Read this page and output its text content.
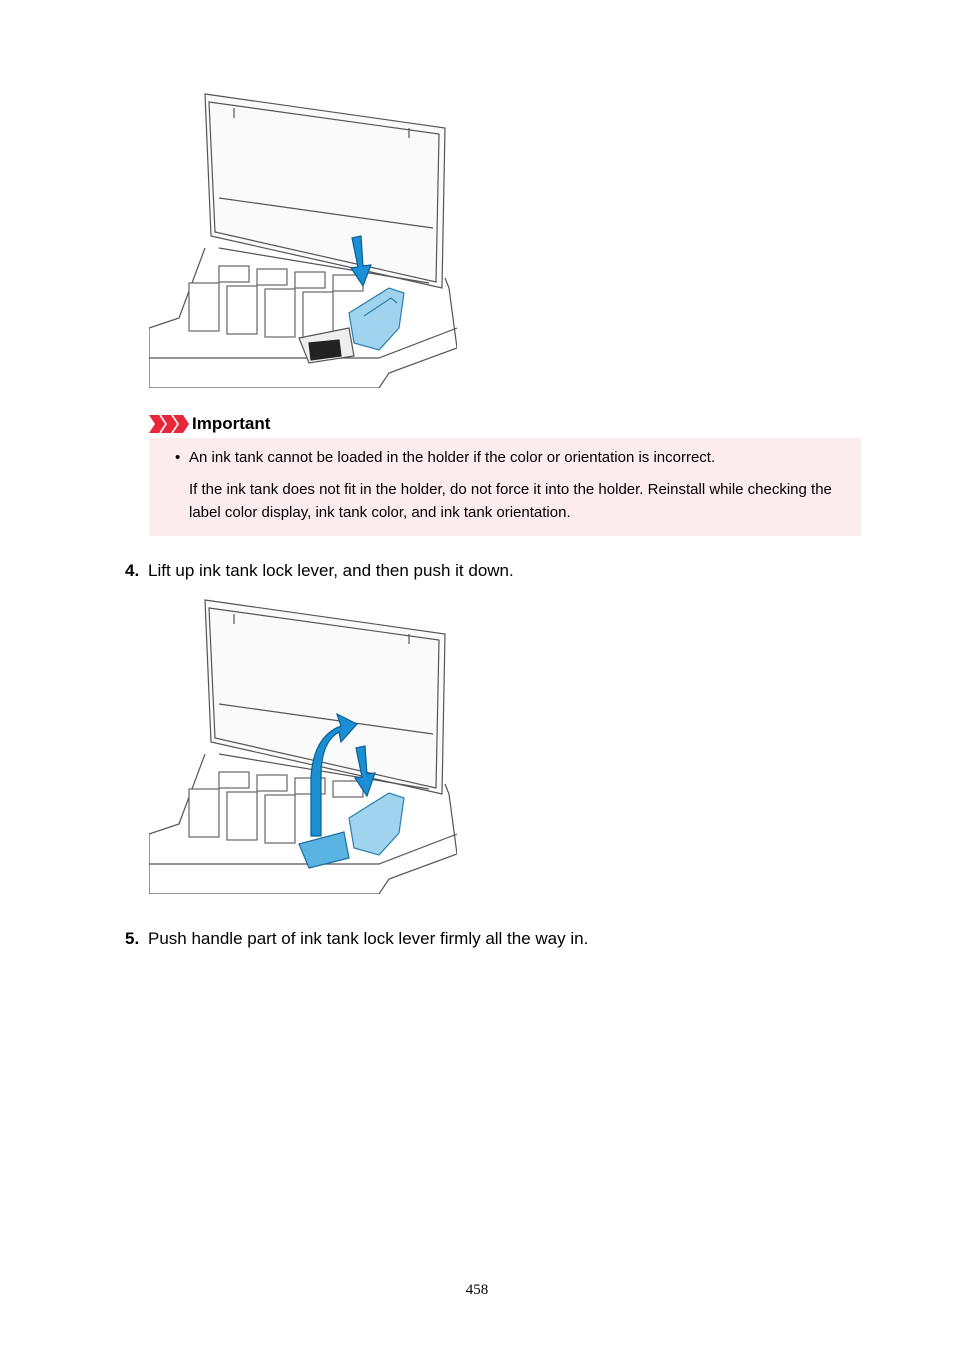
Important
• An ink tank cannot be loaded in the holder if the color or orientation is incorrect.

If the ink tank does not fit in the holder, do not force it into the holder. Reinstall while checking the label color display, ink tank color, and ink tank orientation.

4. Lift up ink tank lock lever, and then push it down.
5. Push handle part of ink tank lock lever firmly all the way in.
458
